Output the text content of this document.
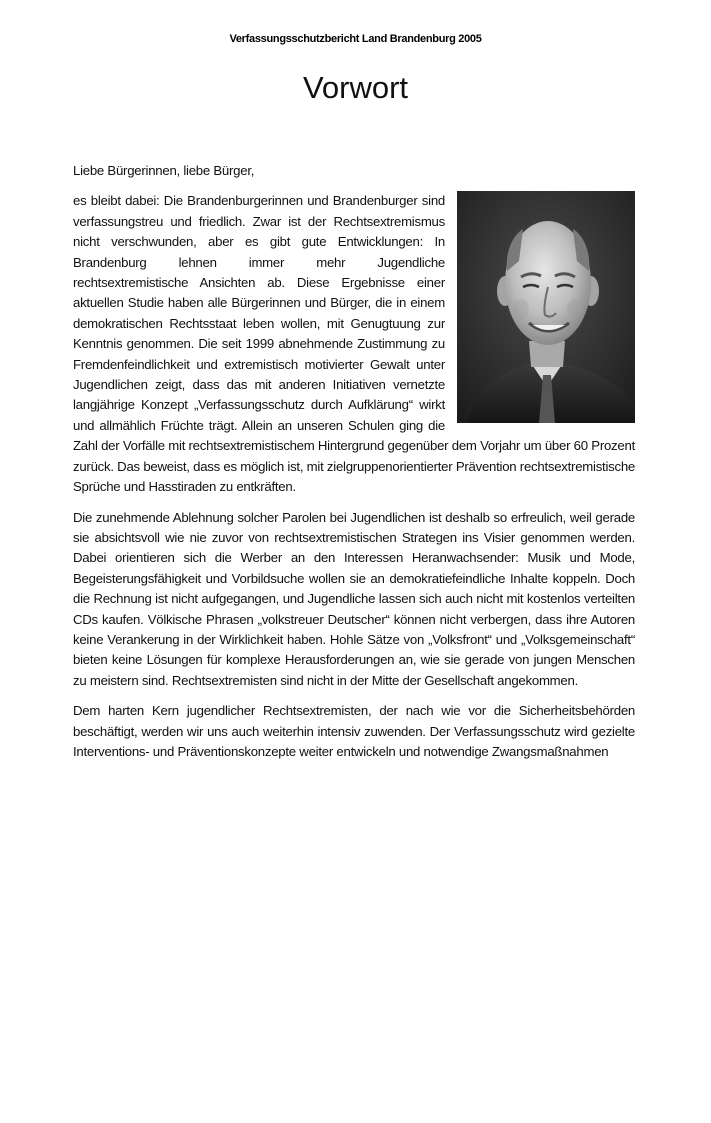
Verfassungsschutzbericht Land Brandenburg 2005
Vorwort

Liebe Bürgerinnen, liebe Bürger,

es bleibt dabei: Die Brandenburgerinnen und Brandenburger sind verfassungstreu und friedlich. Zwar ist der Rechtsextremismus nicht verschwunden, aber es gibt gute Entwicklungen: In Brandenburg lehnen immer mehr Jugendliche rechtsextremistische Ansichten ab. Diese Ergebnisse einer aktuellen Studie haben alle Bürgerinnen und Bürger, die in einem demokratischen Rechtsstaat leben wollen, mit Genugtuung zur Kenntnis genommen. Die seit 1999 abnehmende Zustimmung zu Fremdenfeindlichkeit und extremistisch motivierter Gewalt unter Jugendlichen zeigt, dass das mit anderen Initiativen vernetzte langjährige Konzept „Verfassungsschutz durch Aufklärung“ wirkt und allmählich Früchte trägt. Allein an unseren Schulen ging die Zahl der Vorfälle mit rechtsextremistischem Hintergrund gegenüber dem Vorjahr um über 60 Prozent zurück. Das beweist, dass es möglich ist, mit zielgruppenorientierter Prävention rechtsextremistische Sprüche und Hasstiraden zu entkräften.

Die zunehmende Ablehnung solcher Parolen bei Jugendlichen ist deshalb so erfreulich, weil gerade sie absichtsvoll wie nie zuvor von rechtsextremistischen Strategen ins Visier genommen werden. Dabei orientieren sich die Werber an den Interessen Heranwachsender: Musik und Mode, Begeisterungsfähigkeit und Vorbildsuche wollen sie an demokratiefeindliche Inhalte koppeln. Doch die Rechnung ist nicht aufgegangen, und Jugendliche lassen sich auch nicht mit kostenlos verteilten CDs kaufen. Völkische Phrasen „volkstreuer Deutscher“ können nicht verbergen, dass ihre Autoren keine Verankerung in der Wirklichkeit haben. Hohle Sätze von „Volksfront“ und „Volksgemeinschaft“ bieten keine Lösungen für komplexe Herausforderungen an, wie sie gerade von jungen Menschen zu meistern sind. Rechtsextremisten sind nicht in der Mitte der Gesellschaft angekommen.

Dem harten Kern jugendlicher Rechtsextremisten, der nach wie vor die Sicherheitsbehörden beschäftigt, werden wir uns auch weiterhin intensiv zuwenden. Der Verfassungsschutz wird gezielte Interventions- und Präventionskonzepte weiter entwickeln und notwendige Zwangsmaßnahmen
